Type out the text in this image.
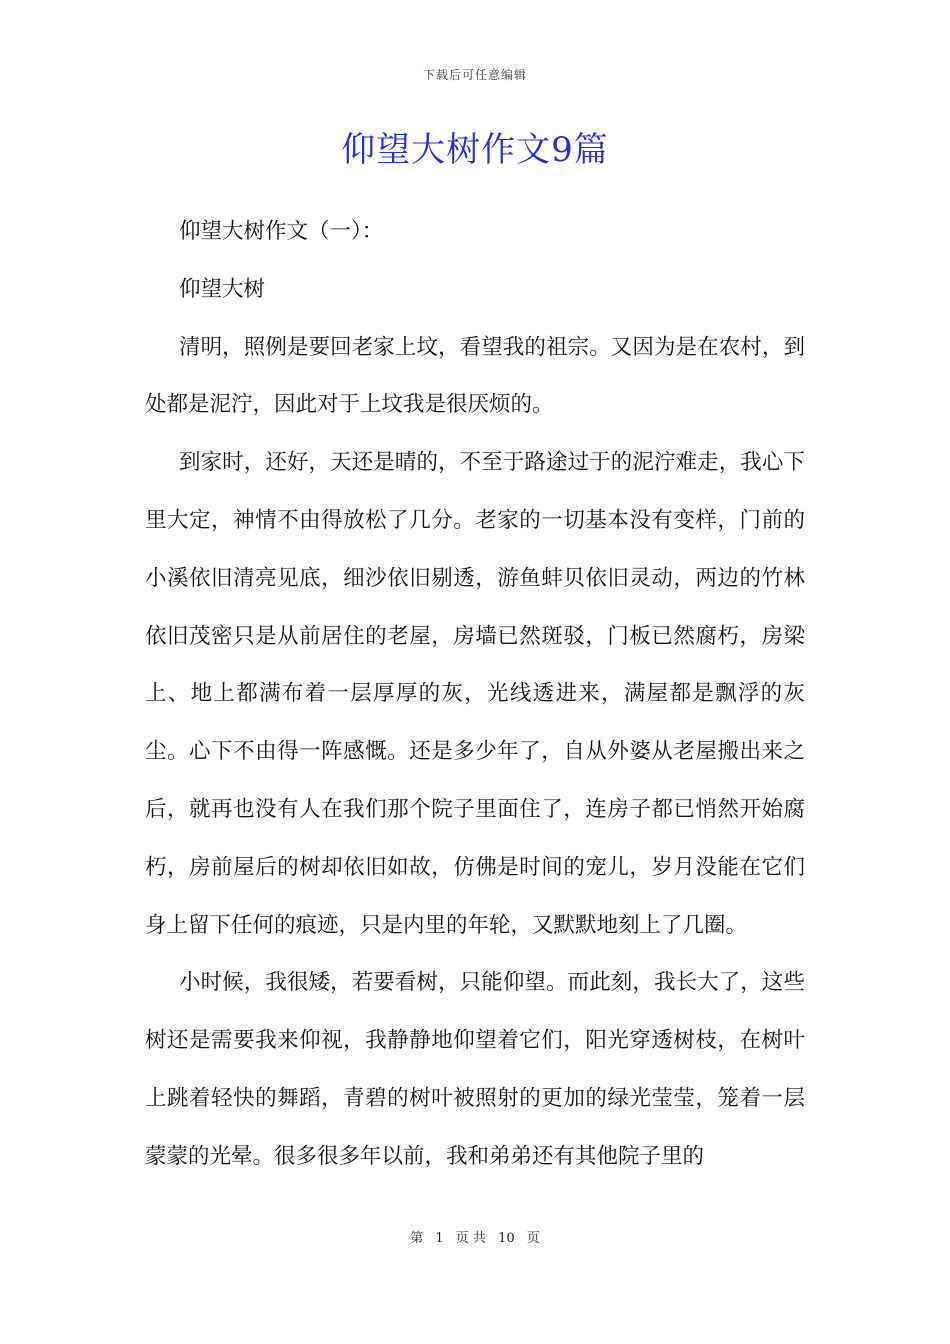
下载后可任意编辑
仰望大树作文9篇

仰望大树作文（一）：

仰望大树

清明，照例是要回老家上坟，看望我的祖宗。又因为是在农村，到处都是泥泞，因此对于上坟我是很厌烦的。

到家时，还好，天还是晴的，不至于路途过于的泥泞难走，我心下里大定，神情不由得放松了几分。老家的一切基本没有变样，门前的小溪依旧清亮见底，细沙依旧剔透，游鱼蚌贝依旧灵动，两边的竹林依旧茂密只是从前居住的老屋，房墙已然斑驳，门板已然腐朽，房梁上、地上都满布着一层厚厚的灰，光线透进来，满屋都是飘浮的灰尘。心下不由得一阵感慨。还是多少年了，自从外婆从老屋搬出来之后，就再也没有人在我们那个院子里面住了，连房子都已悄然开始腐朽，房前屋后的树却依旧如故，仿佛是时间的宠儿，岁月没能在它们身上留下任何的痕迹，只是内里的年轮，又默默地刻上了几圈。

小时候，我很矮，若要看树，只能仰望。而此刻，我长大了，这些树还是需要我来仰视，我静静地仰望着它们，阳光穿透树枝，在树叶上跳着轻快的舞蹈，青碧的树叶被照射的更加的绿光莹莹，笼着一层蒙蒙的光晕。很多很多年以前，我和弟弟还有其他院子里的

第 1 页 共 10 页
